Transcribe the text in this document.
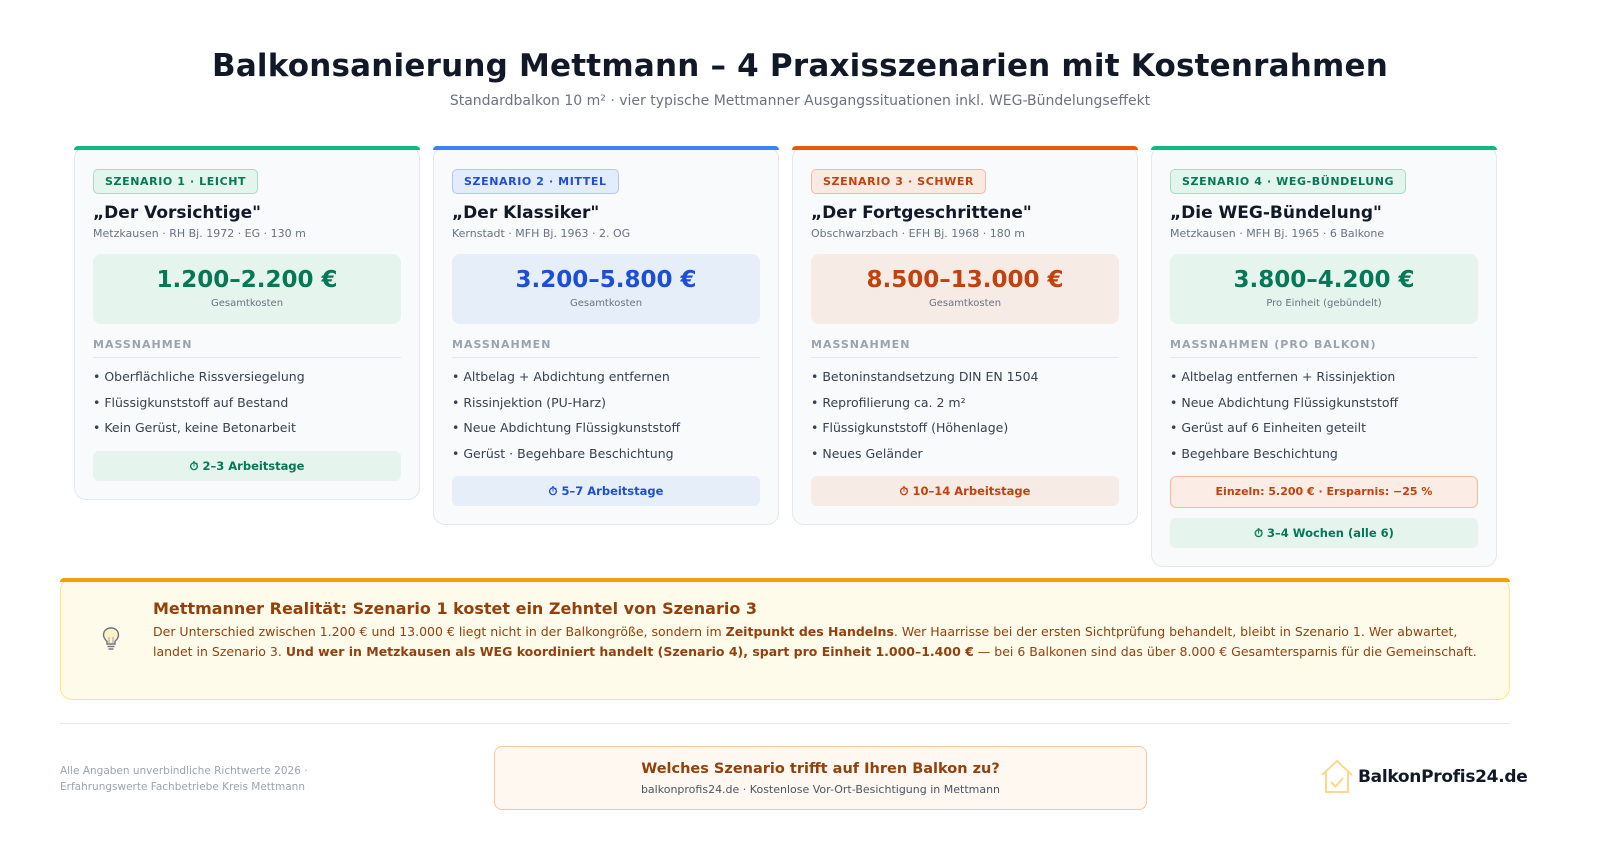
Balkonsanierung Mettmann – 4 Praxisszenarien mit Kostenrahmen
Standardbalkon 10 m² · vier typische Mettmanner Ausgangssituationen inkl. WEG-Bündelungseffekt
SZENARIO 1 · LEICHT
„Der Vorsichtige"
Metzkausen · RH Bj. 1972 · EG · 130 m
1.200–2.200 €
Gesamtkosten
MASSNAHMEN
• Oberflächliche Rissversiegelung
• Flüssigkunststoff auf Bestand
• Kein Gerüst, keine Betonarbeit
⏱ 2–3 Arbeitstage
SZENARIO 2 · MITTEL
„Der Klassiker"
Kernstadt · MFH Bj. 1963 · 2. OG
3.200–5.800 €
Gesamtkosten
MASSNAHMEN
• Altbelag + Abdichtung entfernen
• Rissinjektion (PU-Harz)
• Neue Abdichtung Flüssigkunststoff
• Gerüst · Begehbare Beschichtung
⏱ 5–7 Arbeitstage
SZENARIO 3 · SCHWER
„Der Fortgeschrittene"
Obschwarzbach · EFH Bj. 1968 · 180 m
8.500–13.000 €
Gesamtkosten
MASSNAHMEN
• Betoninstandsetzung DIN EN 1504
• Reprofilierung ca. 2 m²
• Flüssigkunststoff (Höhenlage)
• Neues Geländer
⏱ 10–14 Arbeitstage
SZENARIO 4 · WEG-BÜNDELUNG
„Die WEG-Bündelung"
Metzkausen · MFH Bj. 1965 · 6 Balkone
3.800–4.200 €
Pro Einheit (gebündelt)
MASSNAHMEN (PRO BALKON)
• Altbelag entfernen + Rissinjektion
• Neue Abdichtung Flüssigkunststoff
• Gerüst auf 6 Einheiten geteilt
• Begehbare Beschichtung
Einzeln: 5.200 € · Ersparnis: −25 %
⏱ 3–4 Wochen (alle 6)
Mettmanner Realität: Szenario 1 kostet ein Zehntel von Szenario 3
Der Unterschied zwischen 1.200 € und 13.000 € liegt nicht in der Balkongröße, sondern im Zeitpunkt des Handelns. Wer Haarrisse bei der ersten Sichtprüfung behandelt, bleibt in Szenario 1. Wer abwartet, landet in Szenario 3. Und wer in Metzkausen als WEG koordiniert handelt (Szenario 4), spart pro Einheit 1.000–1.400 € — bei 6 Balkonen sind das über 8.000 € Gesamtersparnis für die Gemeinschaft.
Alle Angaben unverbindliche Richtwerte 2026 ·
Erfahrungswerte Fachbetriebe Kreis Mettmann
Welches Szenario trifft auf Ihren Balkon zu?
balkonprofis24.de · Kostenlose Vor-Ort-Besichtigung in Mettmann
BalkonProfis24.de
